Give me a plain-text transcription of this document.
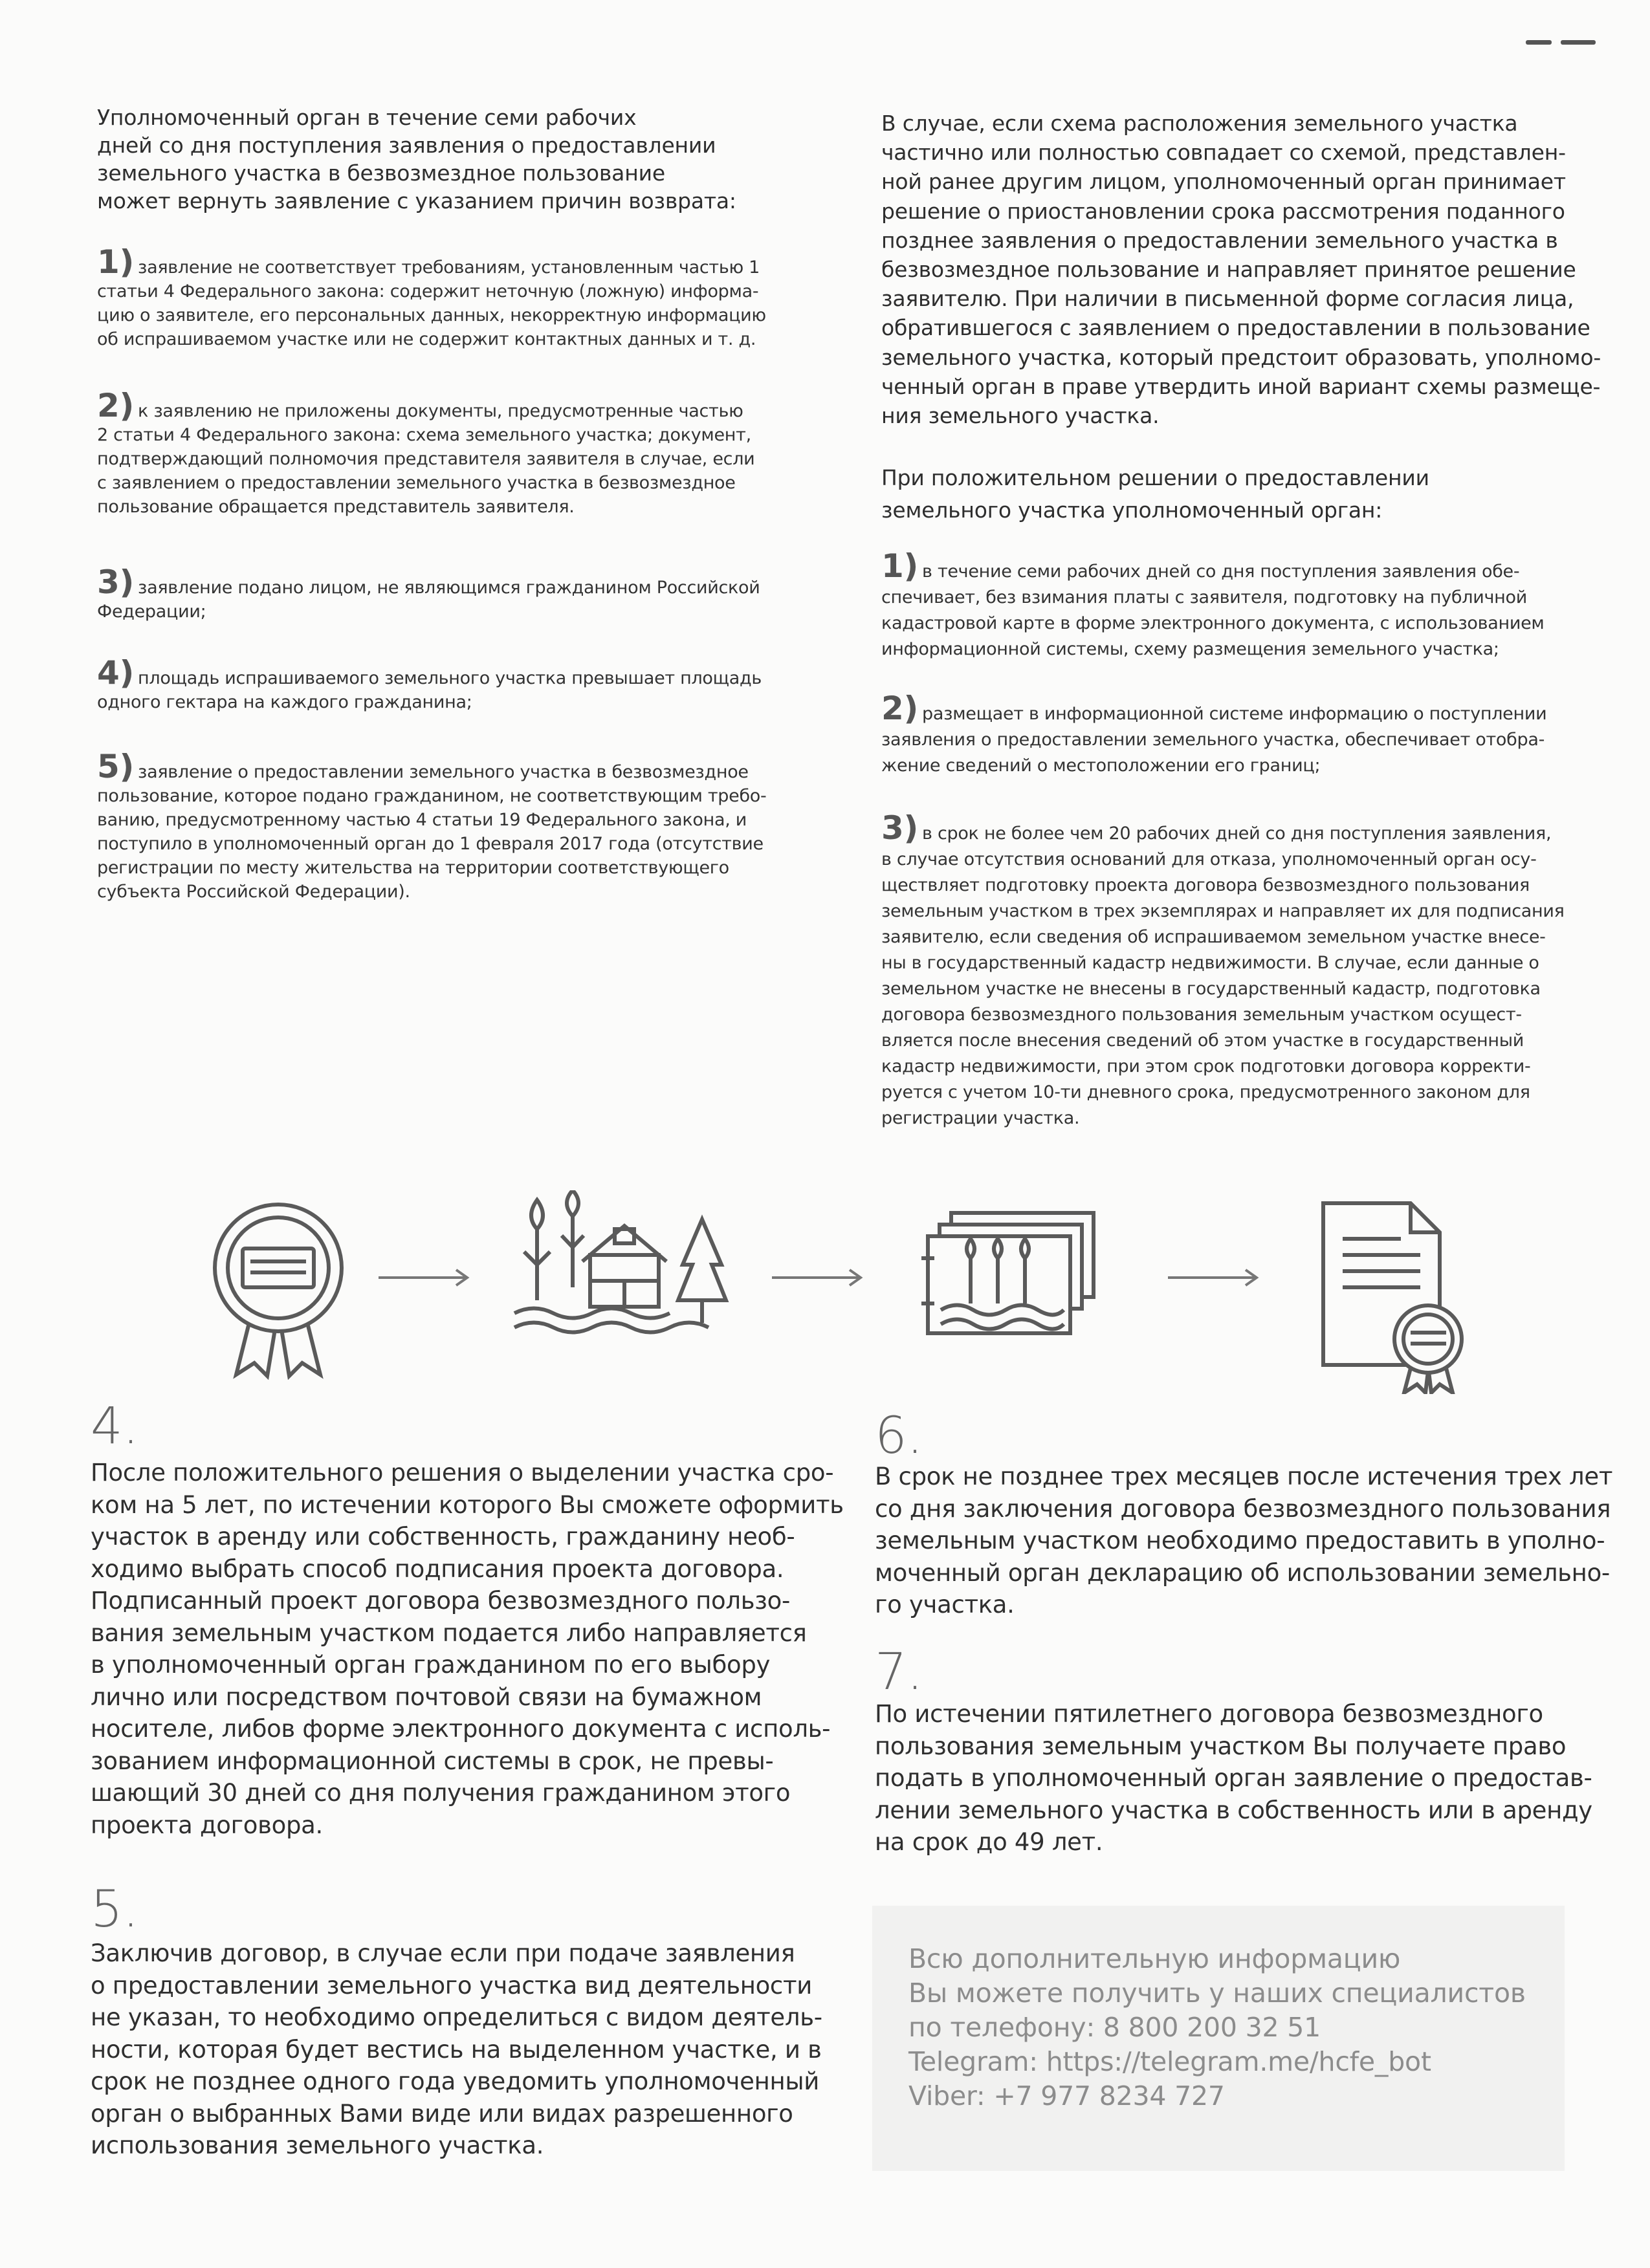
Уполномоченный орган в течение семи рабочих
дней со дня поступления заявления о предоставлении
земельного участка в безвозмездное пользование
может вернуть заявление с указанием причин возврата:
1) заявление не соответствует требованиям, установленным частью 1
статьи 4 Федерального закона: содержит неточную (ложную) информа-
цию о заявителе, его персональных данных, некорректную информацию
об испрашиваемом участке или не содержит контактных данных и т. д.
2) к заявлению не приложены документы, предусмотренные частью
2 статьи 4 Федерального закона: схема земельного участка; документ,
подтверждающий полномочия представителя заявителя в случае, если
с заявлением о предоставлении земельного участка в безвозмездное
пользование обращается представитель заявителя.
3) заявление подано лицом, не являющимся гражданином Российской
Федерации;
4) площадь испрашиваемого земельного участка превышает площадь
одного гектара на каждого гражданина;
5) заявление о предоставлении земельного участка в безвозмездное
пользование, которое подано гражданином, не соответствующим требо-
ванию, предусмотренному частью 4 статьи 19 Федерального закона, и
поступило в уполномоченный орган до 1 февраля 2017 года (отсутствие
регистрации по месту жительства на территории соответствующего
субъекта Российской Федерации).
В случае, если схема расположения земельного участка
частично или полностью совпадает со схемой, представлен-
ной ранее другим лицом, уполномоченный орган принимает
решение о приостановлении срока рассмотрения поданного
позднее заявления о предоставлении земельного участка в
безвозмездное пользование и направляет принятое решение
заявителю. При наличии в письменной форме согласия лица,
обратившегося с заявлением о предоставлении в пользование
земельного участка, который предстоит образовать, уполномо-
ченный орган в праве утвердить иной вариант схемы размеще-
ния земельного участка.
При положительном решении о предоставлении
земельного участка уполномоченный орган:
1) в течение семи рабочих дней со дня поступления заявления обе-
спечивает, без взимания платы с заявителя, подготовку на публичной
кадастровой карте в форме электронного документа, с использованием
информационной системы, схему размещения земельного участка;
2) размещает в информационной системе информацию о поступлении
заявления о предоставлении земельного участка, обеспечивает отобра-
жение сведений о местоположении его границ;
3) в срок не более чем 20 рабочих дней со дня поступления заявления,
в случае отсутствия оснований для отказа, уполномоченный орган осу-
ществляет подготовку проекта договора безвозмездного пользования
земельным участком в трех экземплярах и направляет их для подписания
заявителю, если сведения об испрашиваемом земельном участке внесе-
ны в государственный кадастр недвижимости. В случае, если данные о
земельном участке не внесены в государственный кадастр, подготовка
договора безвозмездного пользования земельным участком осущест-
вляется после внесения сведений об этом участке в государственный
кадастр недвижимости, при этом срок подготовки договора корректи-
руется с учетом 10-ти дневного срока, предусмотренного законом для
регистрации участка.
4.
После положительного решения о выделении участка сро-
ком на 5 лет, по истечении которого Вы сможете оформить
участок в аренду или собственность, гражданину необ-
ходимо выбрать способ подписания проекта договора.
Подписанный проект договора безвозмездного пользо-
вания земельным участком подается либо направляется
в уполномоченный орган гражданином по его выбору
лично или посредством почтовой связи на бумажном
носителе, либов форме электронного документа с исполь-
зованием информационной системы в срок, не превы-
шающий 30 дней со дня получения гражданином этого
проекта договора.
5.
Заключив договор, в случае если при подаче заявления
о предоставлении земельного участка вид деятельности
не указан, то необходимо определиться с видом деятель-
ности, которая будет вестись на выделенном участке, и в
срок не позднее одного года уведомить уполномоченный
орган о выбранных Вами виде или видах разрешенного
использования земельного участка.
6.
В срок не позднее трех месяцев после истечения трех лет
со дня заключения договора безвозмездного пользования
земельным участком необходимо предоставить в уполно-
моченный орган декларацию об использовании земельно-
го участка.
7.
По истечении пятилетнего договора безвозмездного
пользования земельным участком Вы получаете право
подать в уполномоченный орган заявление о предостав-
лении земельного участка в собственность или в аренду
на срок до 49 лет.
Всю дополнительную информацию
Вы можете получить у наших специалистов
по телефону: 8 800 200 32 51
Telegram: https://telegram.me/hcfe_bot
Viber: +7 977 8234 727
